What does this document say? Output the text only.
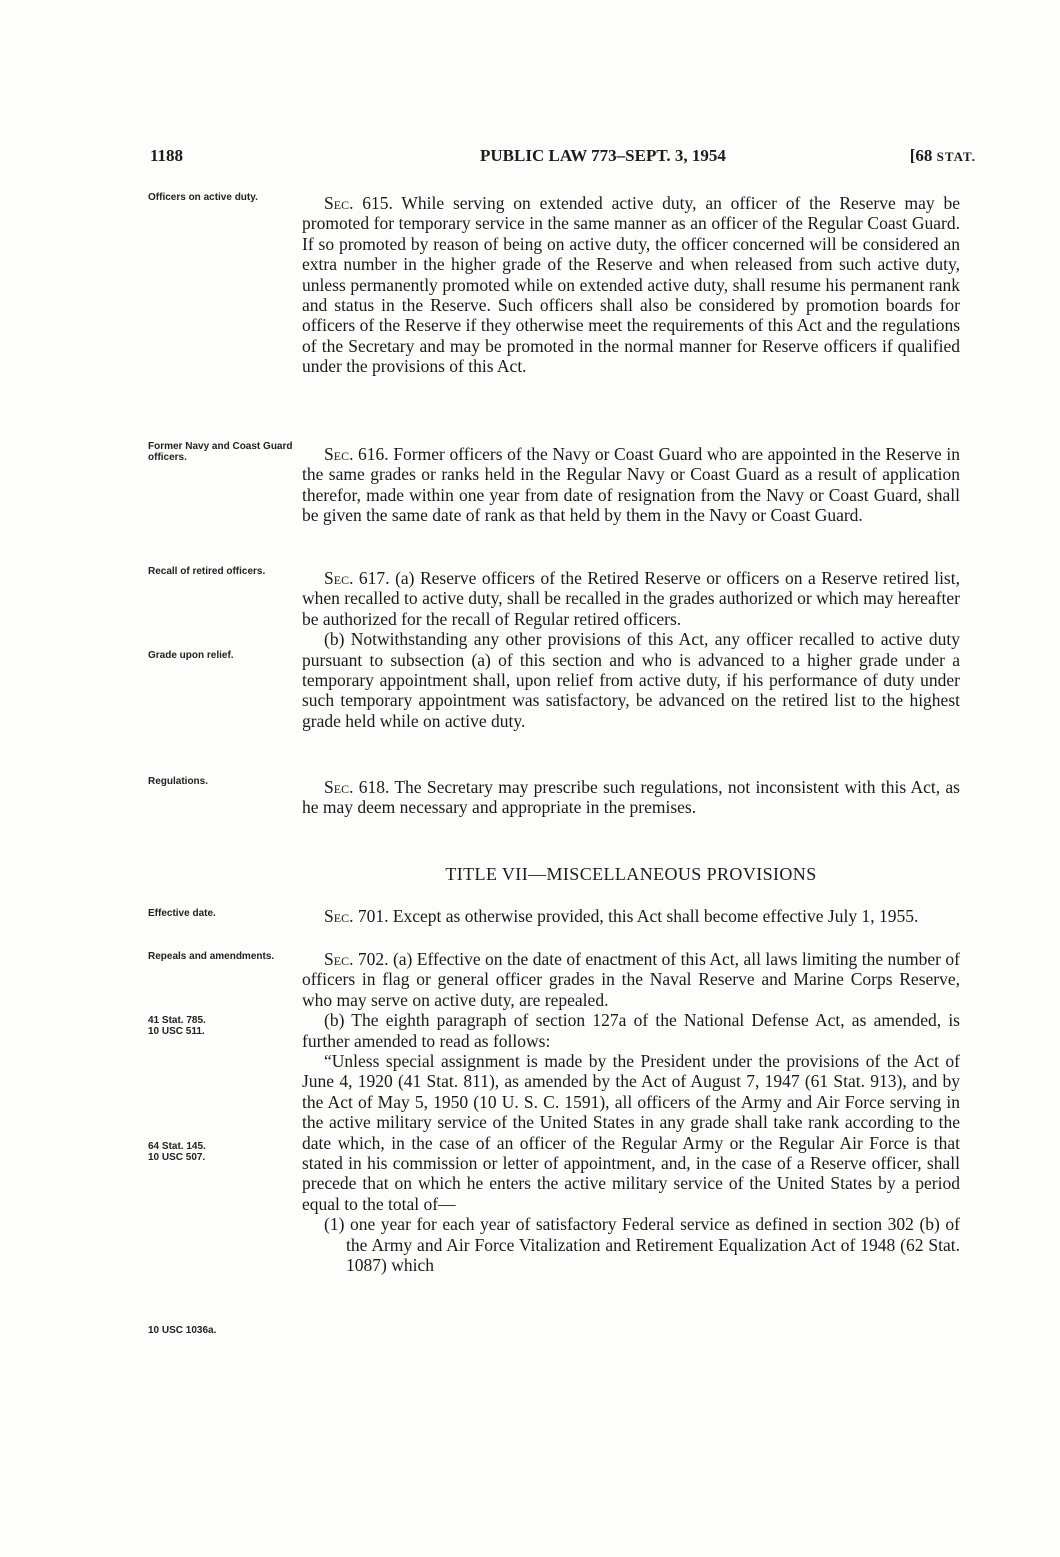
1188	PUBLIC LAW 773–SEPT. 3, 1954	[68 STAT.
Officers on active duty.
Former Navy and Coast Guard officers.
Recall of retired officers.
Grade upon relief.
Regulations.
Effective date.
Repeals and amendments.
41 Stat. 785.
10 USC 511.
64 Stat. 145.
10 USC 507.
10 USC 1036a.

Sec. 615. While serving on extended active duty, an officer of the Reserve may be promoted for temporary service in the same manner as an officer of the Regular Coast Guard. If so promoted by reason of being on active duty, the officer concerned will be considered an extra number in the higher grade of the Reserve and when released from such active duty, unless permanently promoted while on extended active duty, shall resume his permanent rank and status in the Reserve. Such officers shall also be considered by promotion boards for officers of the Reserve if they otherwise meet the requirements of this Act and the regulations of the Secretary and may be promoted in the normal manner for Reserve officers if qualified under the provisions of this Act.

Sec. 616. Former officers of the Navy or Coast Guard who are appointed in the Reserve in the same grades or ranks held in the Regular Navy or Coast Guard as a result of application therefor, made within one year from date of resignation from the Navy or Coast Guard, shall be given the same date of rank as that held by them in the Navy or Coast Guard.

Sec. 617. (a) Reserve officers of the Retired Reserve or officers on a Reserve retired list, when recalled to active duty, shall be recalled in the grades authorized or which may hereafter be authorized for the recall of Regular retired officers.

(b) Notwithstanding any other provisions of this Act, any officer recalled to active duty pursuant to subsection (a) of this section and who is advanced to a higher grade under a temporary appointment shall, upon relief from active duty, if his performance of duty under such temporary appointment was satisfactory, be advanced on the retired list to the highest grade held while on active duty.

Sec. 618. The Secretary may prescribe such regulations, not inconsistent with this Act, as he may deem necessary and appropriate in the premises.

TITLE VII—MISCELLANEOUS PROVISIONS

Sec. 701. Except as otherwise provided, this Act shall become effective July 1, 1955.

Sec. 702. (a) Effective on the date of enactment of this Act, all laws limiting the number of officers in flag or general officer grades in the Naval Reserve and Marine Corps Reserve, who may serve on active duty, are repealed.

(b) The eighth paragraph of section 127a of the National Defense Act, as amended, is further amended to read as follows:

“Unless special assignment is made by the President under the provisions of the Act of June 4, 1920 (41 Stat. 811), as amended by the Act of August 7, 1947 (61 Stat. 913), and by the Act of May 5, 1950 (10 U. S. C. 1591), all officers of the Army and Air Force serving in the active military service of the United States in any grade shall take rank according to the date which, in the case of an officer of the Regular Army or the Regular Air Force is that stated in his commission or letter of appointment, and, in the case of a Reserve officer, shall precede that on which he enters the active military service of the United States by a period equal to the total of—

(1) one year for each year of satisfactory Federal service as defined in section 302 (b) of the Army and Air Force Vitalization and Retirement Equalization Act of 1948 (62 Stat. 1087) which
